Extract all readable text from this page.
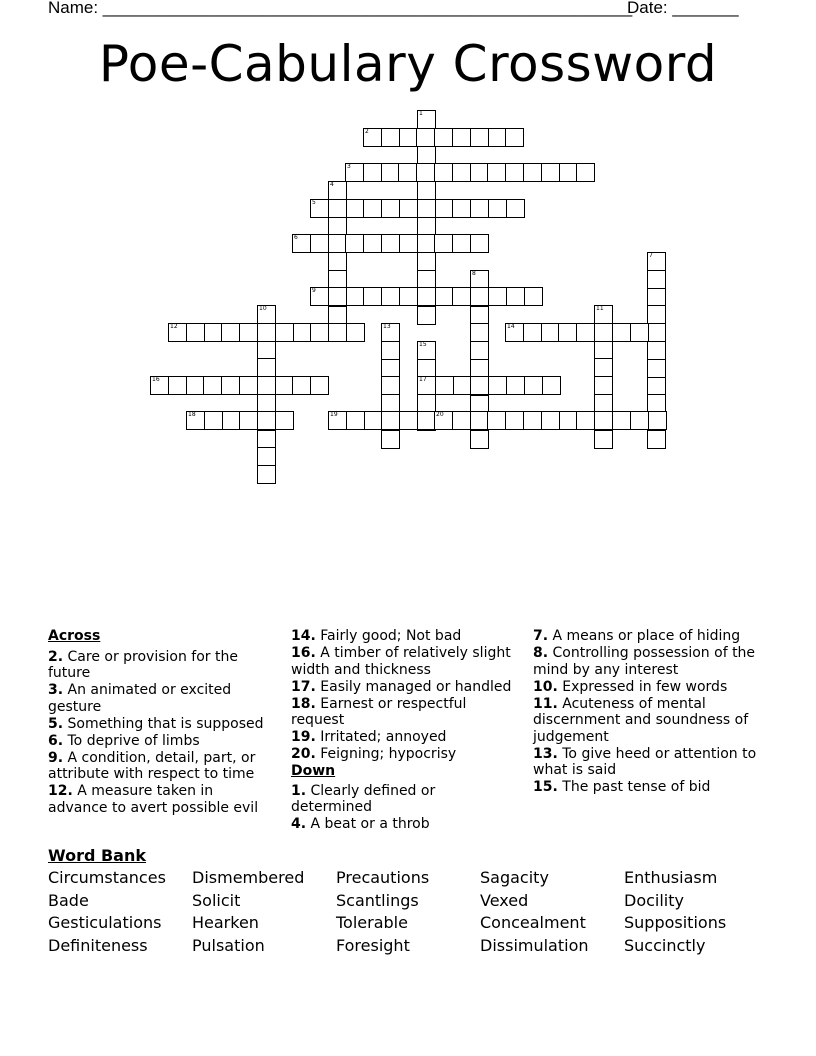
Name: ________________________________________________________
Date: _______
Poe-Cabulary Crossword
1
2
3
4
5
6
7
8
9
10	11
12	13	14
15
16	17
18	19	20
Across
2. Care or provision for the future
3. An animated or excited gesture
5. Something that is supposed
6. To deprive of limbs
9. A condition, detail, part, or attribute with respect to time
12. A measure taken in advance to avert possible evil
14. Fairly good; Not bad
16. A timber of relatively slight width and thickness
17. Easily managed or handled
18. Earnest or respectful request
19. Irritated; annoyed
20. Feigning; hypocrisy
Down
1. Clearly defined or determined
4. A beat or a throb
7. A means or place of hiding
8. Controlling possession of the mind by any interest
10. Expressed in few words
11. Acuteness of mental discernment and soundness of judgement
13. To give heed or attention to what is said
15. The past tense of bid
Word Bank
Circumstances Dismembered Precautions	Sagacity	Enthusiasm
Bade	Solicit	Scantlings	Vexed	Docility
Gesticulations Hearken	Tolerable	Concealment Suppositions
Definiteness	Pulsation	Foresight	Dissimulation Succinctly
